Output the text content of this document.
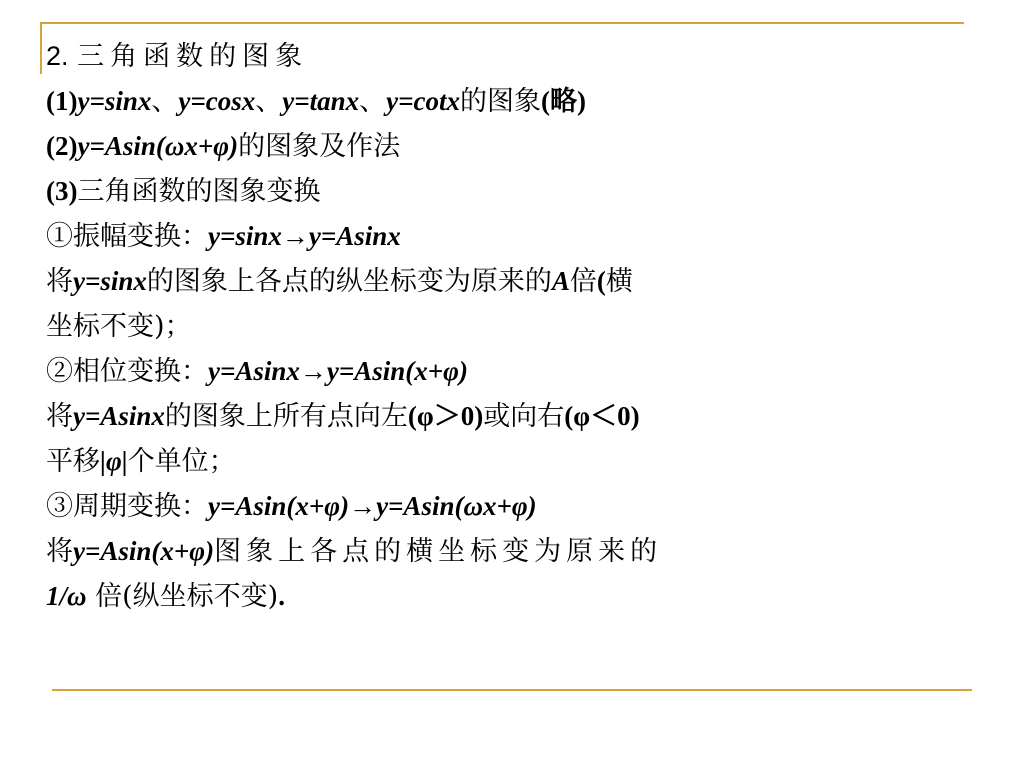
2. 三角函数的图象
(1)y=sinx、y=cosx、y=tanx、y=cotx的图象(略)
(2)y=Asin(ωx+φ)的图象及作法
(3)三角函数的图象变换
①振幅变换：y=sinx→y=Asinx
将y=sinx的图象上各点的纵坐标变为原来的A倍(横
坐标不变)；
②相位变换：y=Asinx→y=Asin(x+φ)
将y=Asinx的图象上所有点向左(φ＞0)或向右(φ＜0)
平移|φ|个单位；
③周期变换：y=Asin(x+φ)→y=Asin(ωx+φ)
将y=Asin(x+φ)图象上各点的横坐标变为原来的
1/ω 倍(纵坐标不变).
